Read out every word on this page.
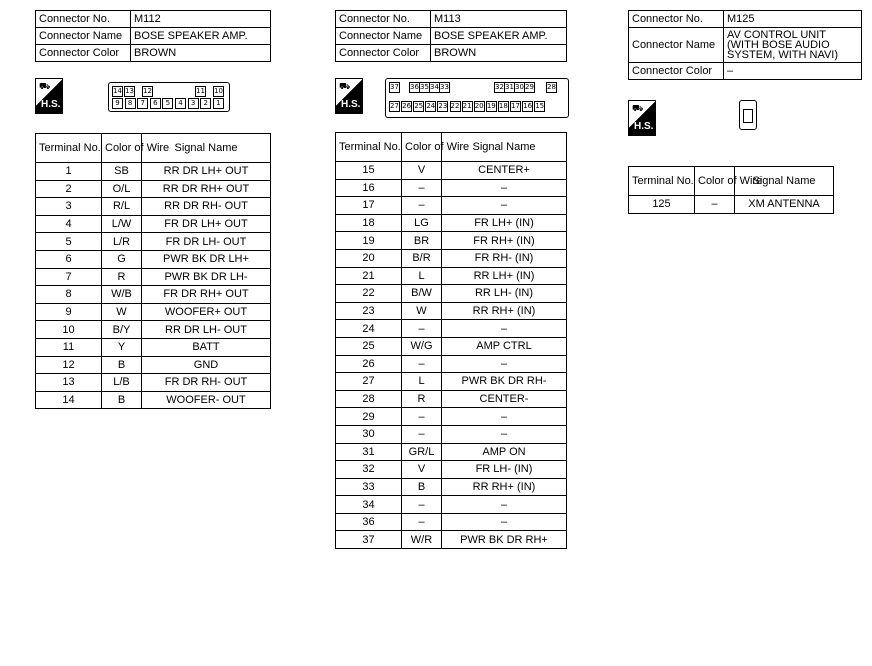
Connector No.	M112
Connector Name	BOSE SPEAKER AMP.
Connector Color	BROWN
⛟
H.S.
14 13 12	11 10
9	8	7	6	5	4	3	2	1
Terminal No.	Color of Wire	Signal Name
1	SB	RR DR LH+ OUT
2	O/L	RR DR RH+ OUT
3	R/L	RR DR RH- OUT
4	L/W	FR DR LH+ OUT
5	L/R	FR DR LH- OUT
6	G	PWR BK DR LH+
7	R	PWR BK DR LH-
8	W/B	FR DR RH+ OUT
9	W	WOOFER+ OUT
10	B/Y	RR DR LH- OUT
11	Y	BATT
12	B	GND
13	L/B	FR DR RH- OUT
14	B	WOOFER- OUT
Connector No.	M113
Connector Name	BOSE SPEAKER AMP.
Connector Color	BROWN
⛟
H.S.
37 36 35 34 33	32 31 30 29 28
27 26 25 24 23 22 21 20 19 18 17 16 15
Terminal No.	Color of Wire	Signal Name
15	V	CENTER+
16	–	–
17	–	–
18	LG	FR LH+ (IN)
19	BR	FR RH+ (IN)
20	B/R	FR RH- (IN)
21	L	RR LH+ (IN)
22	B/W	RR LH- (IN)
23	W	RR RH+ (IN)
24	–	–
25	W/G	AMP CTRL
26	–	–
27	L	PWR BK DR RH-
28	R	CENTER-
29	–	–
30	–	–
31	GR/L	AMP ON
32	V	FR LH- (IN)
33	B	RR RH+ (IN)
34	–	–
36	–	–
37	W/R	PWR BK DR RH+
Connector No.	M125
Connector Name	AV CONTROL UNIT (WITH BOSE AUDIO SYSTEM, WITH NAVI)
Connector Color	–
⛟
H.S.
Terminal No.	Color of Wire	Signal Name
125	–	XM ANTENNA
